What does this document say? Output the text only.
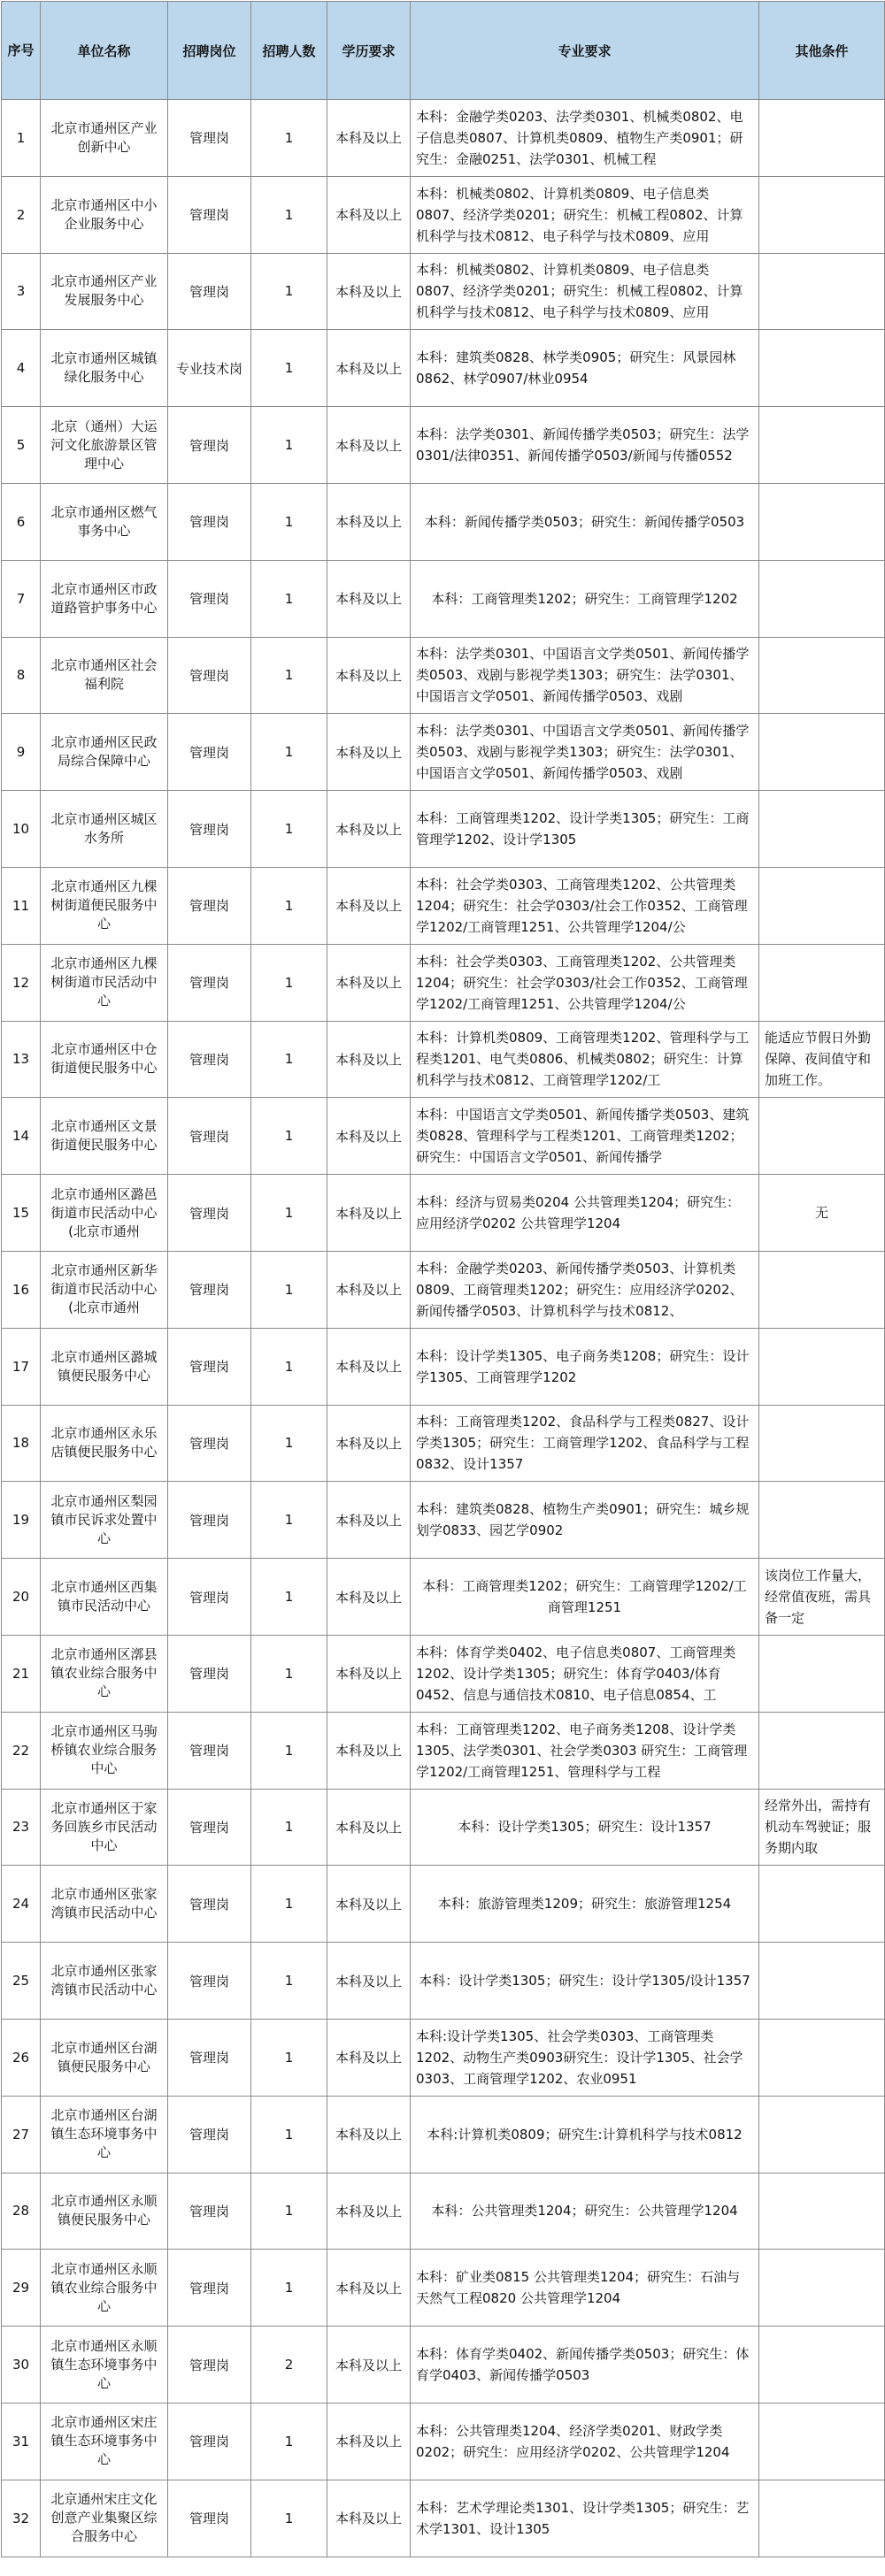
序号	单位名称	招聘岗位	招聘人数	学历要求	专业要求	其他条件

1	北京市通州区产业创新中心	管理岗	1	本科及以上	本科：金融学类0203、法学类0301、机械类0802、电子信息类0807、计算机类0809、植物生产类0901；研究生：金融0251、法学0301、机械工程	

2	北京市通州区中小企业服务中心	管理岗	1	本科及以上	本科：机械类0802、计算机类0809、电子信息类0807、经济学类0201；研究生：机械工程0802、计算机科学与技术0812、电子科学与技术0809、应用	

3	北京市通州区产业发展服务中心	管理岗	1	本科及以上	本科：机械类0802、计算机类0809、电子信息类0807、经济学类0201；研究生：机械工程0802、计算机科学与技术0812、电子科学与技术0809、应用	

4	北京市通州区城镇绿化服务中心	专业技术岗	1	本科及以上	本科：建筑类0828、林学类0905；研究生：风景园林0862、林学0907/林业0954	

5	北京（通州）大运河文化旅游景区管理中心	管理岗	1	本科及以上	本科：法学类0301、新闻传播学类0503；研究生：法学0301/法律0351、新闻传播学0503/新闻与传播0552	

6	北京市通州区燃气事务中心	管理岗	1	本科及以上	本科：新闻传播学类0503；研究生：新闻传播学0503	

7	北京市通州区市政道路管护事务中心	管理岗	1	本科及以上	本科：工商管理类1202；研究生：工商管理学1202	

8	北京市通州区社会福利院	管理岗	1	本科及以上	本科：法学类0301、中国语言文学类0501、新闻传播学类0503、戏剧与影视学类1303；研究生：法学0301、中国语言文学0501、新闻传播学0503、戏剧	

9	北京市通州区民政局综合保障中心	管理岗	1	本科及以上	本科：法学类0301、中国语言文学类0501、新闻传播学类0503、戏剧与影视学类1303；研究生：法学0301、中国语言文学0501、新闻传播学0503、戏剧	

10	北京市通州区城区水务所	管理岗	1	本科及以上	本科：工商管理类1202、设计学类1305；研究生：工商管理学1202、设计学1305	

11	北京市通州区九棵树街道便民服务中心	管理岗	1	本科及以上	本科：社会学类0303、工商管理类1202、公共管理类1204；研究生：社会学0303/社会工作0352、工商管理学1202/工商管理1251、公共管理学1204/公	

12	北京市通州区九棵树街道市民活动中心	管理岗	1	本科及以上	本科：社会学类0303、工商管理类1202、公共管理类1204；研究生：社会学0303/社会工作0352、工商管理学1202/工商管理1251、公共管理学1204/公	

13	北京市通州区中仓街道便民服务中心	管理岗	1	本科及以上	本科：计算机类0809、工商管理类1202、管理科学与工程类1201、电气类0806、机械类0802；研究生：计算机科学与技术0812、工商管理学1202/工	能适应节假日外勤保障、夜间值守和加班工作。

14	北京市通州区文景街道便民服务中心	管理岗	1	本科及以上	本科：中国语言文学类0501、新闻传播学类0503、建筑类0828、管理科学与工程类1201、工商管理类1202；研究生：中国语言文学0501、新闻传播学	

15	北京市通州区潞邑街道市民活动中心(北京市通州	管理岗	1	本科及以上	本科：经济与贸易类0204 公共管理类1204；研究生：应用经济学0202 公共管理学1204	无

16	北京市通州区新华街道市民活动中心(北京市通州	管理岗	1	本科及以上	本科：金融学类0203、新闻传播学类0503、计算机类0809、工商管理类1202；研究生：应用经济学0202、新闻传播学0503、计算机科学与技术0812、	

17	北京市通州区潞城镇便民服务中心	管理岗	1	本科及以上	本科：设计学类1305、电子商务类1208；研究生：设计学1305、工商管理学1202	

18	北京市通州区永乐店镇便民服务中心	管理岗	1	本科及以上	本科：工商管理类1202、食品科学与工程类0827、设计学类1305；研究生：工商管理学1202、食品科学与工程0832、设计1357	

19	北京市通州区梨园镇市民诉求处置中心	管理岗	1	本科及以上	本科：建筑类0828、植物生产类0901；研究生：城乡规划学0833、园艺学0902	

20	北京市通州区西集镇市民活动中心	管理岗	1	本科及以上	本科：工商管理类1202；研究生：工商管理学1202/工商管理1251	该岗位工作量大，经常值夜班，需具备一定

21	北京市通州区漷县镇农业综合服务中心	管理岗	1	本科及以上	本科：体育学类0402、电子信息类0807、工商管理类1202、设计学类1305；研究生：体育学0403/体育0452、信息与通信技术0810、电子信息0854、工	

22	北京市通州区马驹桥镇农业综合服务中心	管理岗	1	本科及以上	本科：工商管理类1202、电子商务类1208、设计学类1305、法学类0301、社会学类0303 研究生：工商管理学1202/工商管理1251、管理科学与工程	

23	北京市通州区于家务回族乡市民活动中心	管理岗	1	本科及以上	本科：设计学类1305；研究生：设计1357	经常外出，需持有机动车驾驶证；服务期内取

24	北京市通州区张家湾镇市民活动中心	管理岗	1	本科及以上	本科：旅游管理类1209；研究生：旅游管理1254	

25	北京市通州区张家湾镇市民活动中心	管理岗	1	本科及以上	本科：设计学类1305；研究生：设计学1305/设计1357	

26	北京市通州区台湖镇便民服务中心	管理岗	1	本科及以上	本科:设计学类1305、社会学类0303、工商管理类1202、动物生产类0903研究生：设计学1305、社会学0303、工商管理学1202、农业0951	

27	北京市通州区台湖镇生态环境事务中心	管理岗	1	本科及以上	本科:计算机类0809；研究生:计算机科学与技术0812	

28	北京市通州区永顺镇便民服务中心	管理岗	1	本科及以上	本科：公共管理类1204；研究生：公共管理学1204	

29	北京市通州区永顺镇农业综合服务中心	管理岗	1	本科及以上	本科：矿业类0815 公共管理类1204；研究生：石油与天然气工程0820 公共管理学1204	

30	北京市通州区永顺镇生态环境事务中心	管理岗	2	本科及以上	本科：体育学类0402、新闻传播学类0503；研究生：体育学0403、新闻传播学0503	

31	北京市通州区宋庄镇生态环境事务中心	管理岗	1	本科及以上	本科：公共管理类1204、经济学类0201、财政学类0202；研究生：应用经济学0202、公共管理学1204	

32	北京通州宋庄文化创意产业集聚区综合服务中心	管理岗	1	本科及以上	本科：艺术学理论类1301、设计学类1305；研究生：艺术学1301、设计1305	
